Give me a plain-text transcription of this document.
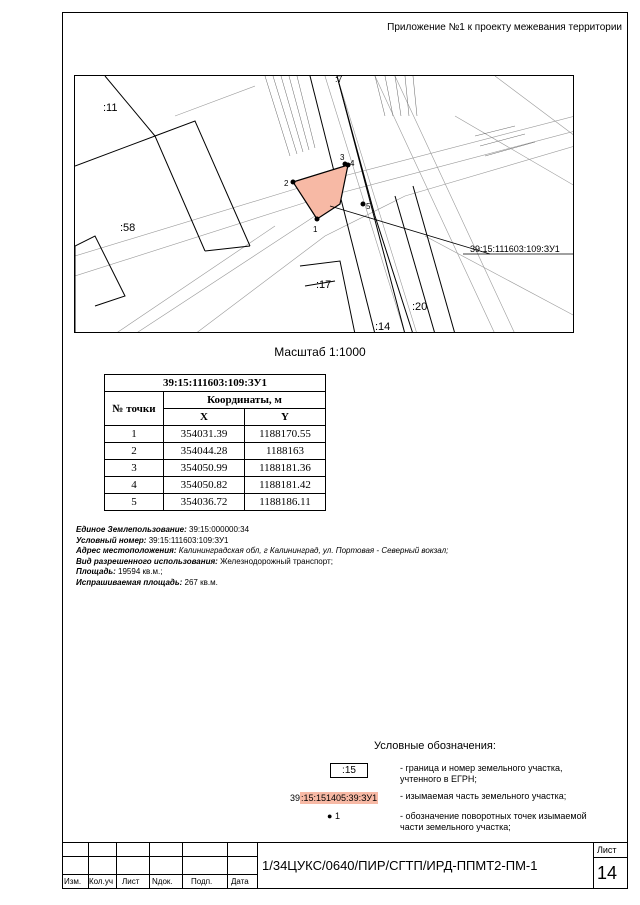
Приложение №1 к проекту межевания территории
:11
:58
:17
:20
:14
:7
1
2
3
4
5
39:15:111603:109:ЗУ1
Масштаб 1:1000
39:15:111603:109:ЗУ1		
№ точки	Координаты, м	
	X	Y
1	354031.39	1188170.55
2	354044.28	1188163
3	354050.99	1188181.36
4	354050.82	1188181.42
5	354036.72	1188186.11
Единое Землепользование: 39:15:000000:34
Условный номер: 39:15:111603:109:ЗУ1
Адрес местоположения: Калининградская обл, г Калининград, ул. Портовая - Северный вокзал;
Вид разрешенного использования: Железнодорожный транспорт;
Площадь: 19594 кв.м.;
Испрашиваемая площадь: 267 кв.м.
Условные обозначения:
:15	- граница и номер земельного участка,
учтенного в ЕГРН;
39:15:151405:39:ЗУ1	- изымаемая часть земельного участка;
● 1	- обозначение поворотных точек изымаемой
части земельного участка;
Изм. Кол.уч Лист Nдок. Подп. Дата
1/34ЦУКС/0640/ПИР/СГТП/ИРД-ППМТ2-ПМ-1
Лист
14
